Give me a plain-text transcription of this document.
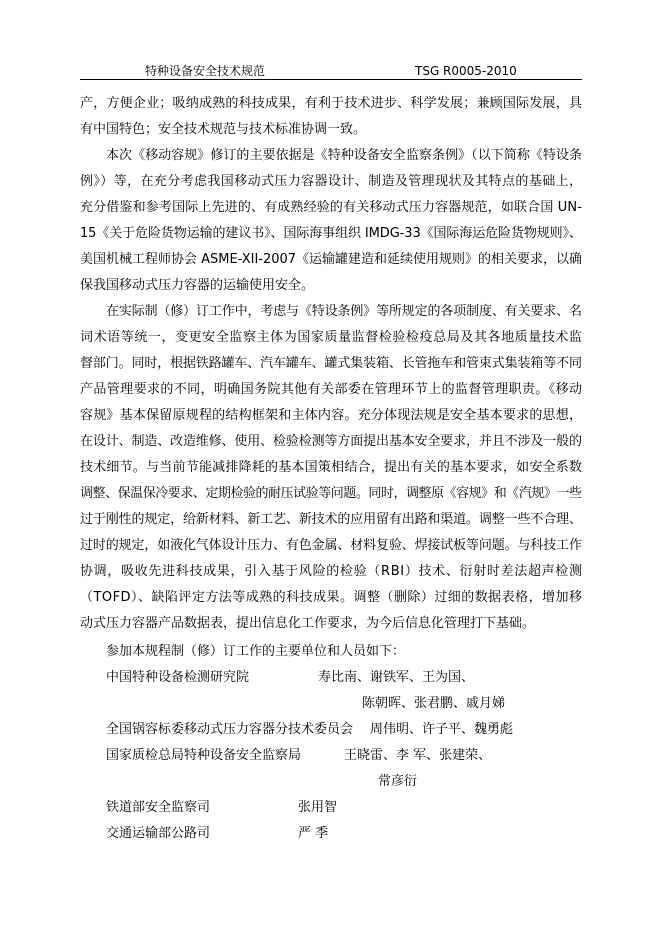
特种设备安全技术规范	TSG R0005-2010
产，方便企业；吸纳成熟的科技成果，有利于技术进步、科学发展；兼顾国际发展，具
有中国特色；安全技术规范与技术标准协调一致。
本次《移动容规》修订的主要依据是《特种设备安全监察条例》（以下简称《特设条
例》）等，在充分考虑我国移动式压力容器设计、制造及管理现状及其特点的基础上，
充分借鉴和参考国际上先进的、有成熟经验的有关移动式压力容器规范，如联合国 UN-
15《关于危险货物运输的建议书》、国际海事组织 IMDG-33《国际海运危险货物规则》、
美国机械工程师协会 ASME-XII-2007《运输罐建造和延续使用规则》的相关要求，以确
保我国移动式压力容器的运输使用安全。
在实际制（修）订工作中，考虑与《特设条例》等所规定的各项制度、有关要求、名
词术语等统一，变更安全监察主体为国家质量监督检验检疫总局及其各地质量技术监
督部门。同时，根据铁路罐车、汽车罐车、罐式集装箱、长管拖车和管束式集装箱等不同
产品管理要求的不同，明确国务院其他有关部委在管理环节上的监督管理职责。《移动
容规》基本保留原规程的结构框架和主体内容。充分体现法规是安全基本要求的思想，
在设计、制造、改造维修、使用、检验检测等方面提出基本安全要求，并且不涉及一般的
技术细节。与当前节能减排降耗的基本国策相结合，提出有关的基本要求，如安全系数
调整、保温保冷要求、定期检验的耐压试验等问题。同时，调整原《容规》和《汽规》一些
过于刚性的规定，给新材料、新工艺、新技术的应用留有出路和渠道。调整一些不合理、
过时的规定，如液化气体设计压力、有色金属、材料复验、焊接试板等问题。与科技工作
协调，吸收先进科技成果，引入基于风险的检验（RBI）技术、衍射时差法超声检测
（TOFD）、缺陷评定方法等成熟的科技成果。调整（删除）过细的数据表格，增加移
动式压力容器产品数据表，提出信息化工作要求，为今后信息化管理打下基础。
参加本规程制（修）订工作的主要单位和人员如下：
中国特种设备检测研究院	寿比南、谢铁军、王为国、
陈朝晖、张君鹏、戚月娣
全国锅容标委移动式压力容器分技术委员会 周伟明、许子平、魏勇彪
国家质检总局特种设备安全监察局	王晓雷、李 军、张建荣、
常彦衍
铁道部安全监察司	张用智
交通运输部公路司	严 季
